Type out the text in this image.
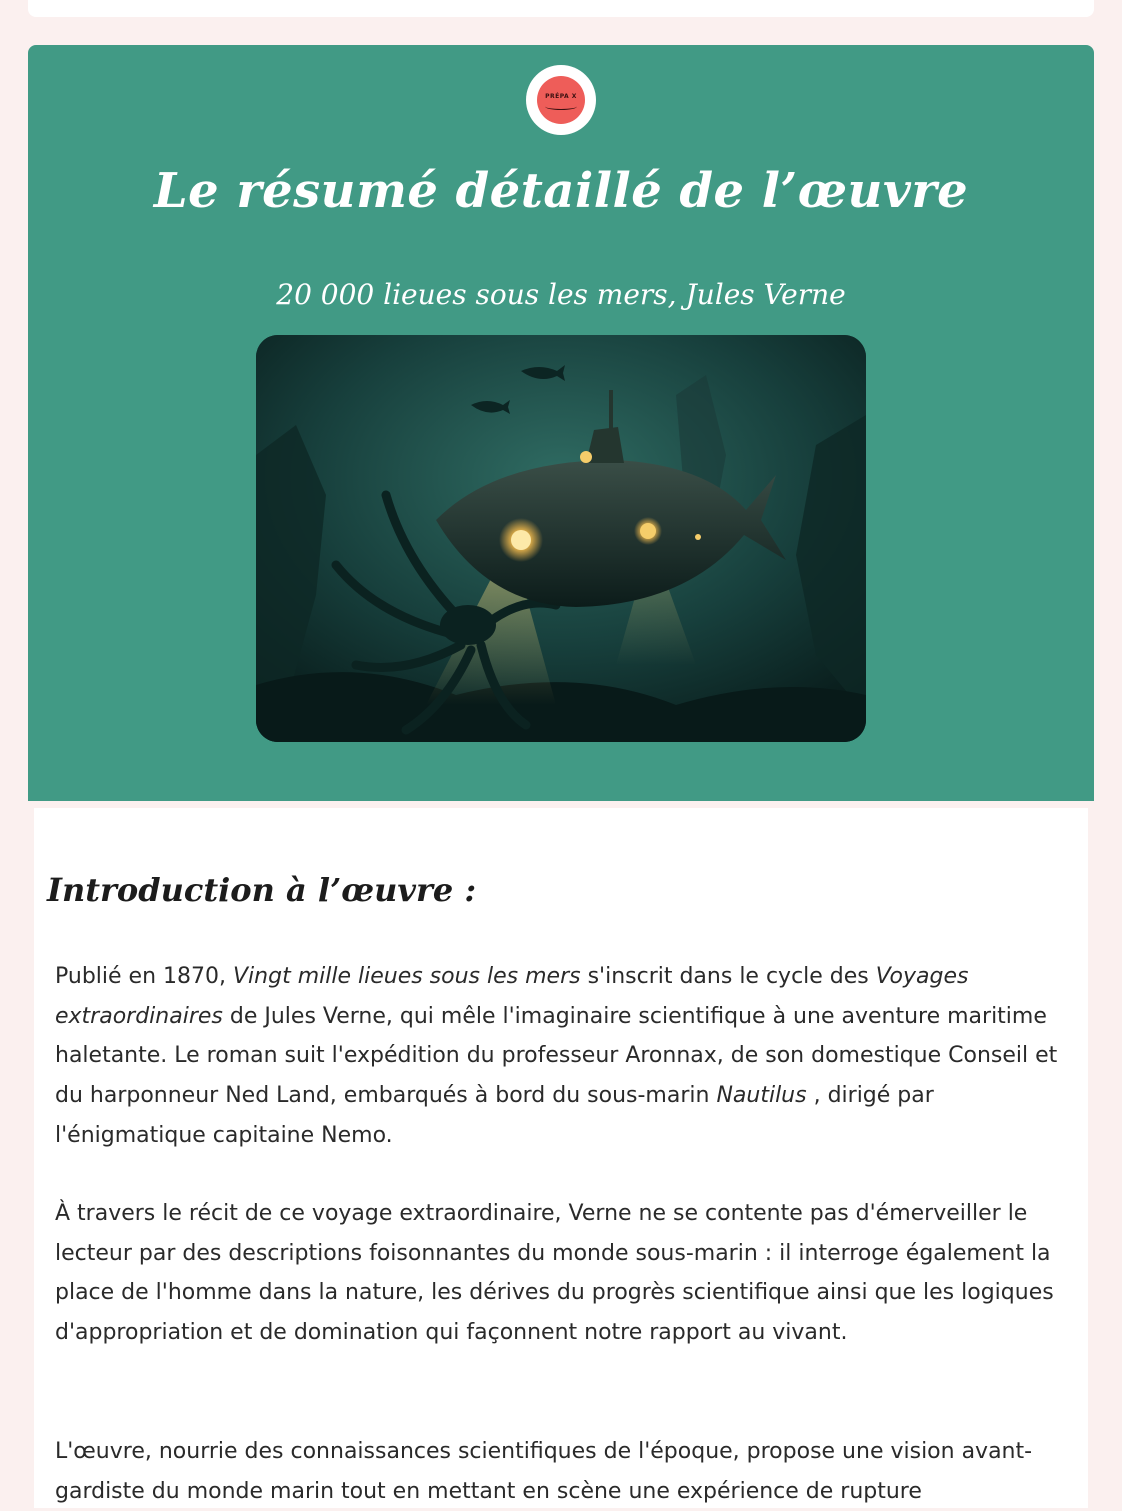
PRÉPA X
Le résumé détaillé de l’œuvre

20 000 lieues sous les mers, Jules Verne

Introduction à l’œuvre :

Publié en 1870, Vingt mille lieues sous les mers s'inscrit dans le cycle des Voyages extraordinaires de Jules Verne, qui mêle l'imaginaire scientifique à une aventure maritime haletante. Le roman suit l'expédition du professeur Aronnax, de son domestique Conseil et du harponneur Ned Land, embarqués à bord du sous-marin Nautilus , dirigé par l'énigmatique capitaine Nemo.

À travers le récit de ce voyage extraordinaire, Verne ne se contente pas d'émerveiller le lecteur par des descriptions foisonnantes du monde sous-marin : il interroge également la place de l'homme dans la nature, les dérives du progrès scientifique ainsi que les logiques d'appropriation et de domination qui façonnent notre rapport au vivant.

L'œuvre, nourrie des connaissances scientifiques de l'époque, propose une vision avant-gardiste du monde marin tout en mettant en scène une expérience de rupture
